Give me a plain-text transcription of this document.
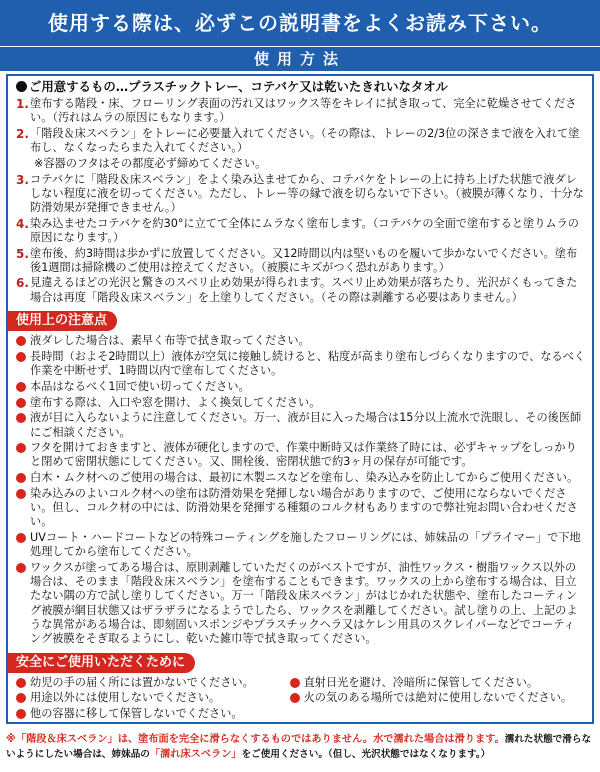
使用する際は、必ずこの説明書をよくお読み下さい。
使用方法
ご用意するもの…プラスチックトレー、コテバケ又は乾いたきれいなタオル
1. 塗布する階段・床、フローリング表面の汚れ又はワックス等をキレイに拭き取って、完全に乾燥させてください。（汚れはムラの原因にもなります。）
2. 「階段＆床スベラン」をトレーに必要量入れてください。（その際は、トレーの2/3位の深さまで液を入れて塗布し、なくなったらまた入れてください。）
※容器のフタはその都度必ず締めてください。
3. コテバケに「階段＆床スベラン」をよく染み込ませてから、コテバケをトレーの上に持ち上げた状態で液ダレしない程度に液を切ってください。ただし、トレー等の縁で液を切らないで下さい。（被膜が薄くなり、十分な防滑効果が発揮できません。）
4. 染み込ませたコテバケを約30°に立てて全体にムラなく塗布します。（コテバケの全面で塗布すると塗りムラの原因になります。）
5. 塗布後、約3時間は歩かずに放置してください。又12時間以内は堅いものを履いて歩かないでください。塗布後1週間は掃除機のご使用は控えてください。（被膜にキズがつく恐れがあります。）
6. 見違えるほどの光沢と驚きのスベリ止め効果が得られます。スベリ止め効果が落ちたり、光沢がくもってきた場合は再度「階段＆床スベラン」を上塗りしてください。（その際は剥離する必要はありません。）
使用上の注意点
液ダレした場合は、素早く布等で拭き取ってください。
長時間（およそ2時間以上）液体が空気に接触し続けると、粘度が高まり塗布しづらくなりますので、なるべく作業を中断せず、1時間以内で塗布してください。
本品はなるべく1回で使い切ってください。
塗布する際は、入口や窓を開け、よく換気してください。
液が目に入らないように注意してください。万一、液が目に入った場合は15分以上流水で洗眼し、その後医師にご相談ください。
フタを開けておきますと、液体が硬化しますので、作業中断時又は作業終了時には、必ずキャップをしっかりと閉めて密閉状態にしてください。又、開栓後、密閉状態で約3ヶ月の保存が可能です。
白木・ムク材へのご使用の場合は、最初に木製ニスなどを塗布し、染み込みを防止してからご使用ください。
染み込みのよいコルク材への塗布は防滑効果を発揮しない場合がありますので、ご使用にならないでください。但し、コルク材の中には、防滑効果を発揮する種類のコルク材もありますので弊社宛お問い合わせください。
UVコート・ハードコートなどの特殊コーティングを施したフローリングには、姉妹品の「プライマー」で下地処理してから塗布してください。
ワックスが塗ってある場合は、原則剥離していただくのがベストですが、油性ワックス・樹脂ワックス以外の場合は、そのまま「階段＆床スベラン」を塗布することもできます。ワックスの上から塗布する場合は、目立たない隅の方で試し塗りしてください。万一「階段＆床スベラン」がはじかれた状態や、塗布したコーティング被膜が網目状態又はザラザラになるようでしたら、ワックスを剥離してください。試し塗りの上、上記のような異常がある場合は、即刻固いスポンジやプラスチックヘラ又はケレン用具のスクレイパーなどでコーティング被膜をそぎ取るようにし、乾いた雑巾等で拭き取ってください。
安全にご使用いただくために
幼児の手の届く所には置かないでください。	直射日光を避け、冷暗所に保管してください。
用途以外には使用しないでください。	火の気のある場所では絶対に使用しないでください。
他の容器に移して保管しないでください。
※「階段＆床スベラン」は、塗布面を完全に滑らなくするものではありません。水で濡れた場合は滑ります。濡れた状態で滑らないようにしたい場合は、姉妹品の「濡れ床スベラン」をご使用ください。（但し、光沢状態ではなくなります。）
